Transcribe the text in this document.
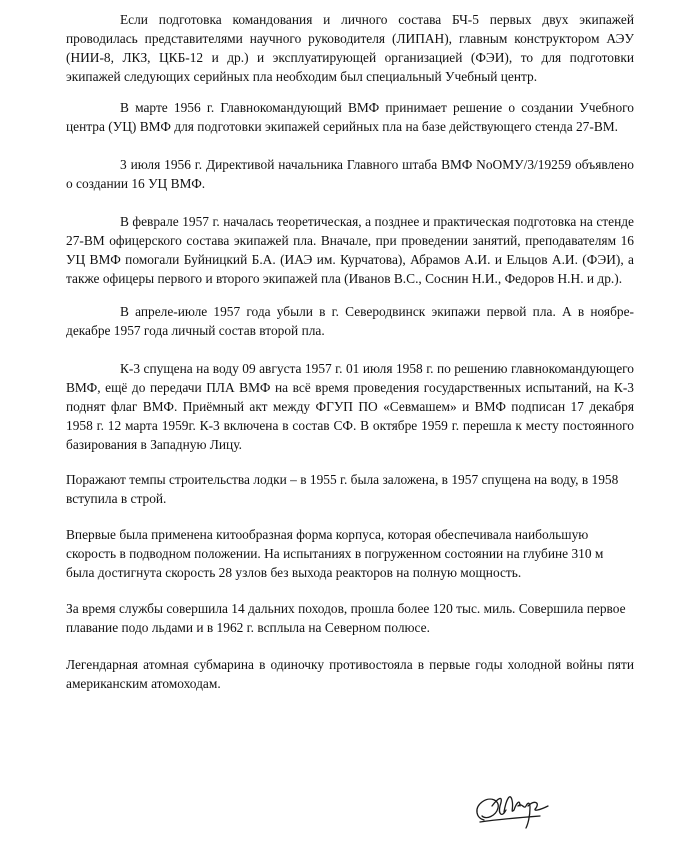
Если подготовка командования и личного состава БЧ-5 первых двух экипажей проводилась представителями научного руководителя (ЛИПАН), главным конструктором АЭУ (НИИ-8, ЛКЗ, ЦКБ-12 и др.) и эксплуатирующей организацией (ФЭИ), то для подготовки экипажей следующих серийных пла необходим был специальный Учебный центр.

В марте 1956 г. Главнокомандующий ВМФ принимает решение о создании Учебного центра (УЦ) ВМФ для подготовки экипажей серийных пла на базе действующего стенда 27-ВМ.

3 июля 1956 г. Директивой начальника Главного штаба ВМФ NoOМУ/3/19259 объявлено о создании 16 УЦ ВМФ.

В феврале 1957 г. началась теоретическая, а позднее и практическая подготовка на стенде 27-ВМ офицерского состава экипажей пла. Вначале, при проведении занятий, преподавателям 16 УЦ ВМФ помогали Буйницкий Б.А. (ИАЭ им. Курчатова), Абрамов А.И. и Ельцов А.И. (ФЭИ), а также офицеры первого и второго экипажей пла (Иванов В.С., Соснин Н.И., Федоров Н.Н. и др.).

В апреле-июле 1957 года убыли в г. Северодвинск экипажи первой пла. А в ноябре-декабре 1957 года личный состав второй пла.

К-3 спущена на воду 09 августа 1957 г. 01 июля 1958 г. по решению главнокомандующего ВМФ, ещё до передачи ПЛА ВМФ на всё время проведения государственных испытаний, на К-3 поднят флаг ВМФ. Приёмный акт между ФГУП ПО «Севмашем» и ВМФ подписан 17 декабря 1958 г. 12 марта 1959г. К-3 включена в состав СФ. В октябре 1959 г. перешла к месту постоянного базирования в Западную Лицу.

Поражают темпы строительства лодки – в 1955 г. была заложена, в 1957 спущена на воду, в 1958 вступила в строй.

Впервые была применена китообразная форма корпуса, которая обеспечивала наибольшую скорость в подводном положении. На испытаниях в погруженном состоянии на глубине 310 м была достигнута скорость 28 узлов без выхода реакторов на полную мощность.

За время службы совершила 14 дальних походов, прошла более 120 тыс. миль. Совершила первое плавание подо льдами и в 1962 г. всплыла на Северном полюсе.

Легендарная атомная субмарина в одиночку противостояла в первые годы холодной войны пяти американским атомоходам.
